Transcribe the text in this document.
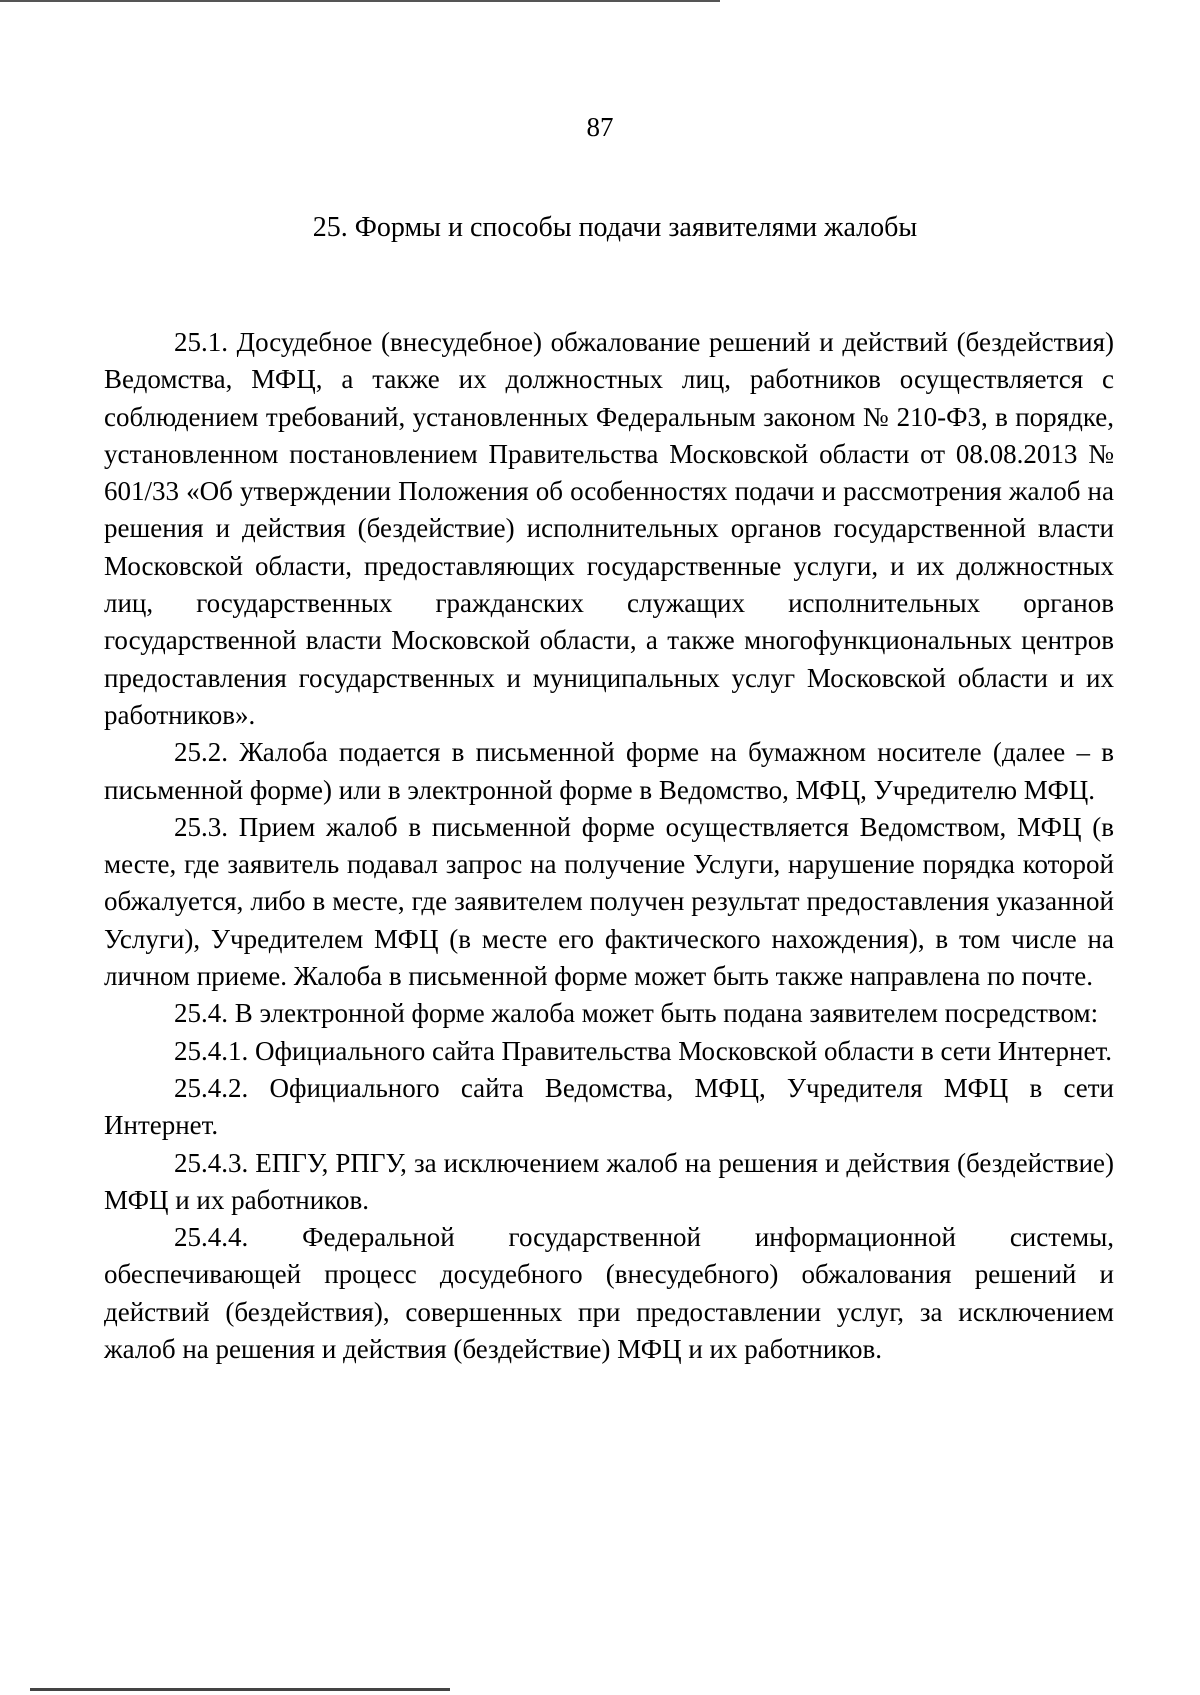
87
25. Формы и способы подачи заявителями жалобы

25.1. Досудебное (внесудебное) обжалование решений и действий (бездействия) Ведомства, МФЦ, а также их должностных лиц, работников осуществляется с соблюдением требований, установленных Федеральным законом № 210-ФЗ, в порядке, установленном постановлением Правительства Московской области от 08.08.2013 № 601/33 «Об утверждении Положения об особенностях подачи и рассмотрения жалоб на решения и действия (бездействие) исполнительных органов государственной власти Московской области, предоставляющих государственные услуги, и их должностных лиц, государственных гражданских служащих исполнительных органов государственной власти Московской области, а также многофункциональных центров предоставления государственных и муниципальных услуг Московской области и их работников».

25.2. Жалоба подается в письменной форме на бумажном носителе (далее – в письменной форме) или в электронной форме в Ведомство, МФЦ, Учредителю МФЦ.

25.3. Прием жалоб в письменной форме осуществляется Ведомством, МФЦ (в месте, где заявитель подавал запрос на получение Услуги, нарушение порядка которой обжалуется, либо в месте, где заявителем получен результат предоставления указанной Услуги), Учредителем МФЦ (в месте его фактического нахождения), в том числе на личном приеме. Жалоба в письменной форме может быть также направлена по почте.

25.4. В электронной форме жалоба может быть подана заявителем посредством:

25.4.1. Официального сайта Правительства Московской области в сети Интернет.

25.4.2. Официального сайта Ведомства, МФЦ, Учредителя МФЦ в сети Интернет.

25.4.3. ЕПГУ, РПГУ, за исключением жалоб на решения и действия (бездействие) МФЦ и их работников.

25.4.4. Федеральной государственной информационной системы, обеспечивающей процесс досудебного (внесудебного) обжалования решений и действий (бездействия), совершенных при предоставлении услуг, за исключением жалоб на решения и действия (бездействие) МФЦ и их работников.
